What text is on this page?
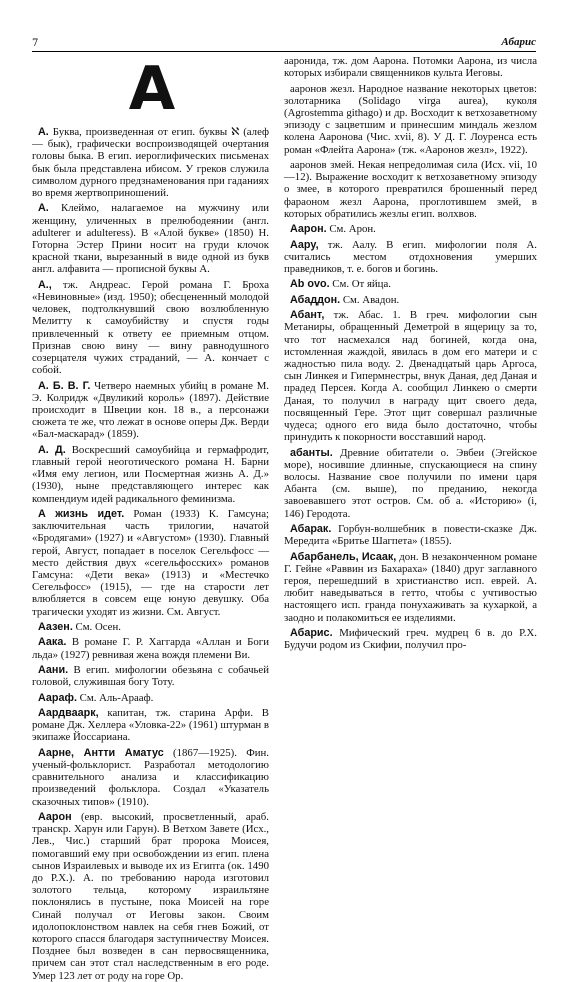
7	Абарис
А

А. Буква, произведенная от егип. буквы ℵ (алеф — бык), графически воспроизводящей очертания головы быка. В егип. иероглифических письменах бык была представлена ибисом. У греков служила символом дурного предзнаменования при гаданиях во время жертвоприношений.

А. Клеймо, налагаемое на мужчину или женщину, уличенных в прелюбодеянии (англ. adulterer и adulteress). В «Алой букве» (1850) Н. Готорна Эстер Прини носит на груди клочок красной ткани, вырезанный в виде одной из букв англ. алфавита — прописной буквы А.

А., тж. Андреас. Герой романа Г. Броха «Невиновные» (изд. 1950); обесцененный молодой человек, подтолкнувший свою возлюбленную Мелитту к самоубийству и спустя годы привлеченный к ответу ее приемным отцом. Признав свою вину — вину равнодушного созерцателя чужих страданий, — А. кончает с собой.

А. Б. В. Г. Четверо наемных убийц в романе М. Э. Колридж «Двуликий король» (1897). Действие происходит в Швеции кон. 18 в., а персонажи сюжета те же, что лежат в основе оперы Дж. Верди «Бал-маскарад» (1859).

А. Д. Воскресший самоубийца и гермафродит, главный герой неоготического романа Н. Барни «Имя ему легион, или Посмертная жизнь А. Д.» (1930), ныне представляющего интерес как компендиум идей радикального феминизма.

А жизнь идет. Роман (1933) К. Гамсуна; заключительная часть трилогии, начатой «Бродягами» (1927) и «Августом» (1930). Главный герой, Август, попадает в поселок Сегельфосс — место действия двух «сегельфосских» романов Гамсуна: «Дети века» (1913) и «Местечко Сегельфосс» (1915), — где на старости лет влюбляется в совсем еще юную девушку. Оба трагически уходят из жизни. См. Август.

Аазен. См. Осен.

Аака. В романе Г. Р. Хаггарда «Аллан и Боги льда» (1927) ревнивая жена вождя племени Ви.

Аани. В егип. мифологии обезьяна с собачьей головой, служившая богу Тоту.

Аараф. См. Аль-Арааф.

Аардваарк, капитан, тж. старина Арфи. В романе Дж. Хеллера «Уловка-22» (1961) штурман в экипаже Йоссариана.

Аарне, Антти Аматус (1867—1925). Фин. ученый-фольклорист. Разработал методологию сравнительного анализа и классификацию произведений фольклора. Создал «Указатель сказочных типов» (1910).

Аарон (евр. высокий, просветленный, араб. транскр. Харун или Гарун). В Ветхом Завете (Исх., Лев., Чис.) старший брат пророка Моисея, помогавший ему при освобождении из егип. плена сынов Израилевых и выводе их из Египта (ок. 1490 до Р.Х.). А. по требованию народа изготовил золотого тельца, которому израильтяне поклонялись в пустыне, пока Моисей на горе Синай получал от Иеговы закон. Своим идолопоклонством навлек на себя гнев Божий, от которого спасся благодаря заступничеству Моисея. Позднее был возведен в сан первосвященника, причем сан этот стал наследственным в его роде. Умер 123 лет от роду на горе Ор.

ааронида, тж. дом Аарона. Потомки Аарона, из числа которых избирали священников культа Иеговы.

ааронов жезл. Народное название некоторых цветов: золотарника (Solidago virga aurea), куколя (Agrostemma githago) и др. Восходит к ветхозаветному эпизоду с зацветшим и принесшим миндаль жезлом колена Ааронова (Чис. xvii, 8). У Д. Г. Лоуренса есть роман «Флейта Аарона» (тж. «Ааронов жезл», 1922).

ааронов змей. Некая непредолимая сила (Исх. vii, 10—12). Выражение восходит к ветхозаветному эпизоду о змее, в которого превратился брошенный перед фараоном жезл Аарона, проглотившем змей, в которых обратились жезлы егип. волхвов.

Аарон. См. Арон.

Аару, тж. Аалу. В егип. мифологии поля А. считались местом отдохновения умерших праведников, т. е. богов и богинь.

Ab ovo. См. От яйца.

Абаддон. См. Авадон.

Абант, тж. Абас. 1. В греч. мифологии сын Метаниры, обращенный Деметрой в ящерицу за то, что тот насмехался над богиней, когда она, истомленная жаждой, явилась в дом его матери и с жадностью пила воду. 2. Двенадцатый царь Аргоса, сын Линкея и Гипермнестры, внук Даная, дед Даная и прадед Персея. Когда А. сообщил Линкею о смерти Даная, то получил в награду щит своего деда, посвященный Гере. Этот щит совершал различные чудеса; одного его вида было достаточно, чтобы принудить к покорности восставший народ.

абанты. Древние обитатели о. Эвбеи (Эгейское море), носившие длинные, спускающиеся на спину волосы. Название свое получили по имени царя Абанта (см. выше), по преданию, некогда завоевавшего этот остров. См. об а. «Историю» (i, 146) Геродота.

Абарак. Горбун-волшебник в повести-сказке Дж. Мередита «Бритье Шагпета» (1855).

Абарбанель, Исаак, дон. В незаконченном романе Г. Гейне «Раввин из Бахараха» (1840) друг заглавного героя, перешедший в христианство исп. еврей. А. любит наведываться в гетто, чтобы с учтивостью настоящего исп. гранда понухаживать за кухаркой, а заодно и полакомиться ее изделиями.

Абарис. Мифический греч. мудрец 6 в. до Р.Х. Будучи родом из Скифии, получил про-
